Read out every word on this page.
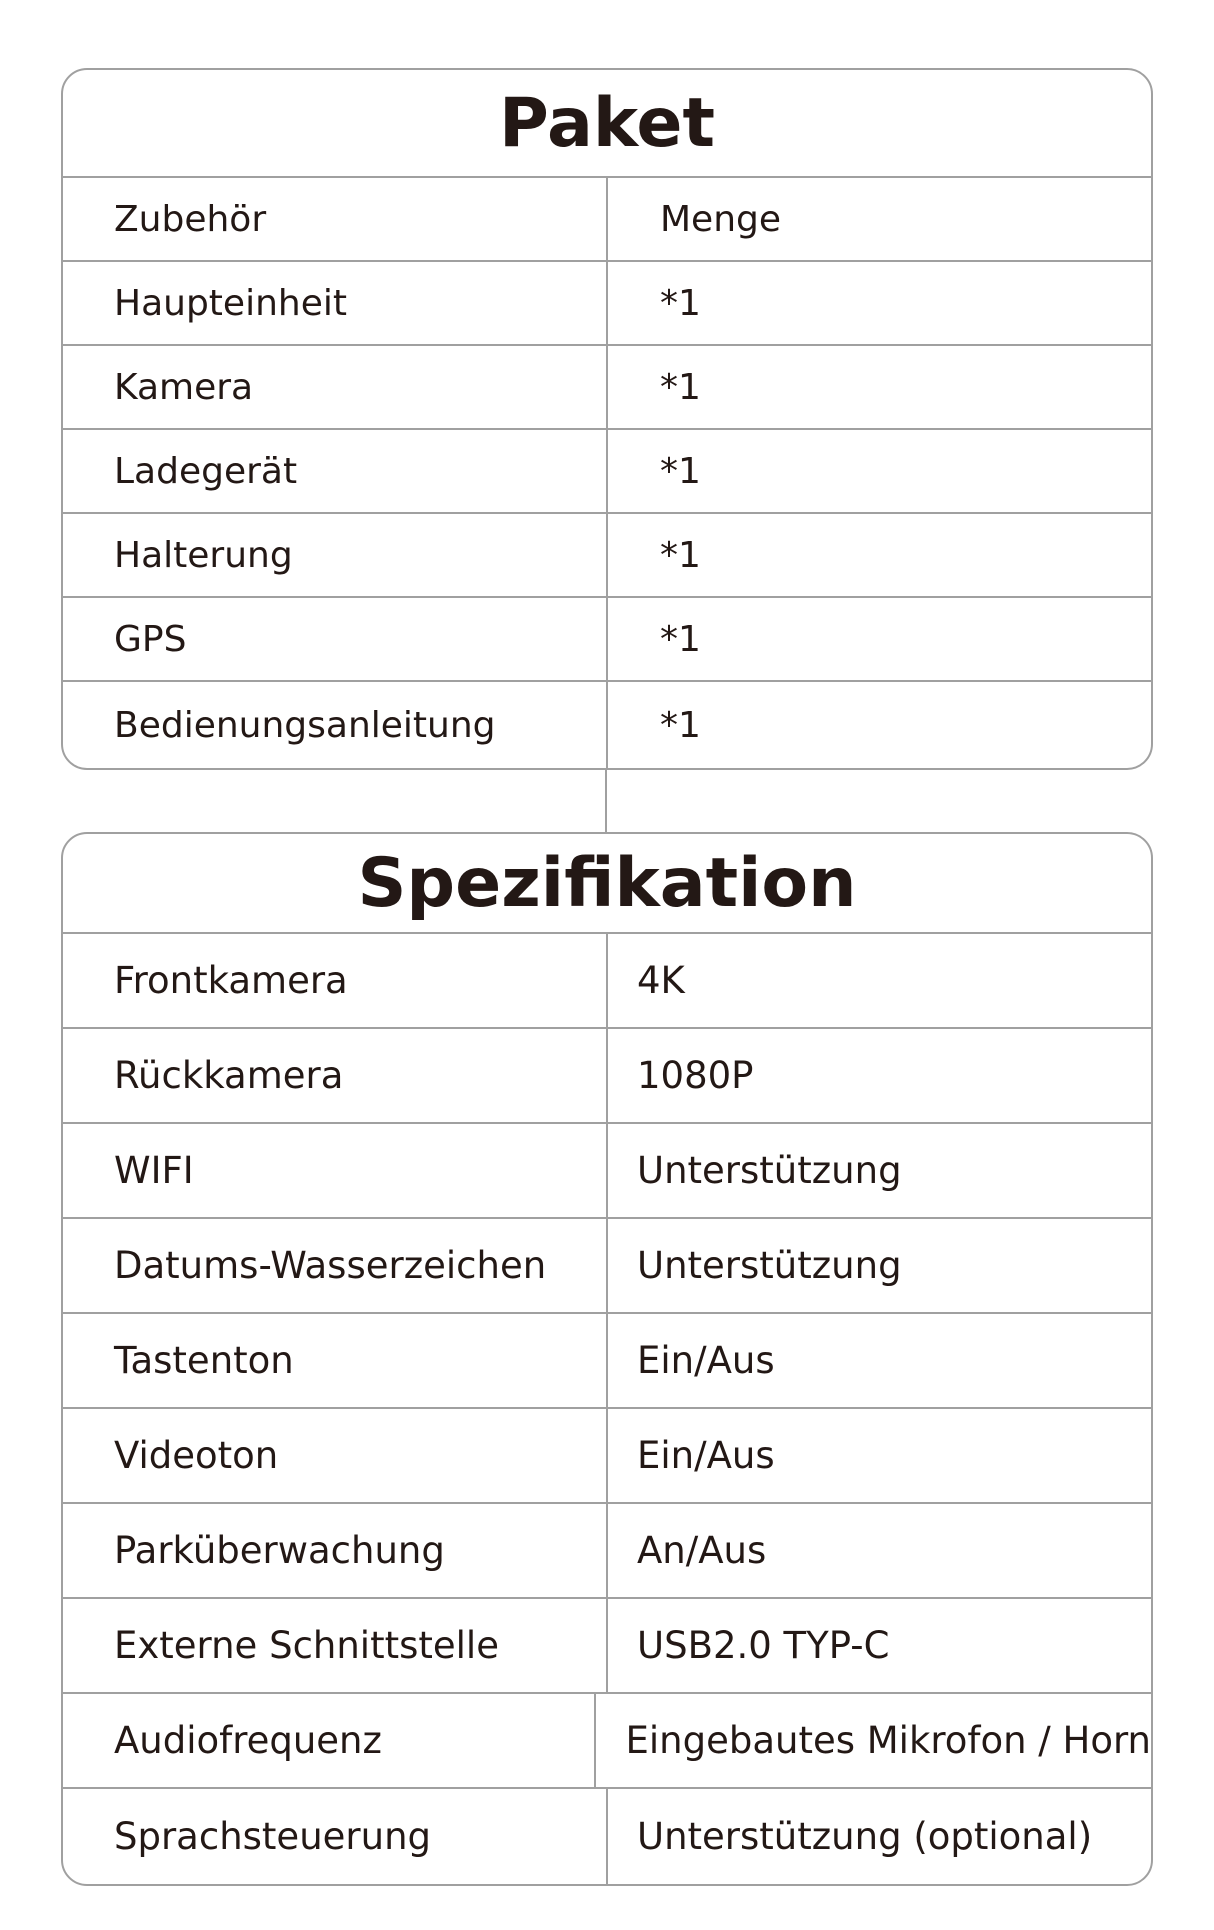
Paket
Zubehör	Menge
Haupteinheit	*1
Kamera	*1
Ladegerät	*1
Halterung	*1
GPS	*1
Bedienungsanleitung	*1
Spezifikation
Frontkamera	4K
Rückkamera	1080P
WIFI	Unterstützung
Datums-Wasserzeichen	Unterstützung
Tastenton	Ein/Aus
Videoton	Ein/Aus
Parküberwachung	An/Aus
Externe Schnittstelle	USB2.0 TYP-C
Audiofrequenz	Eingebautes Mikrofon / Horn
Sprachsteuerung	Unterstützung (optional)
